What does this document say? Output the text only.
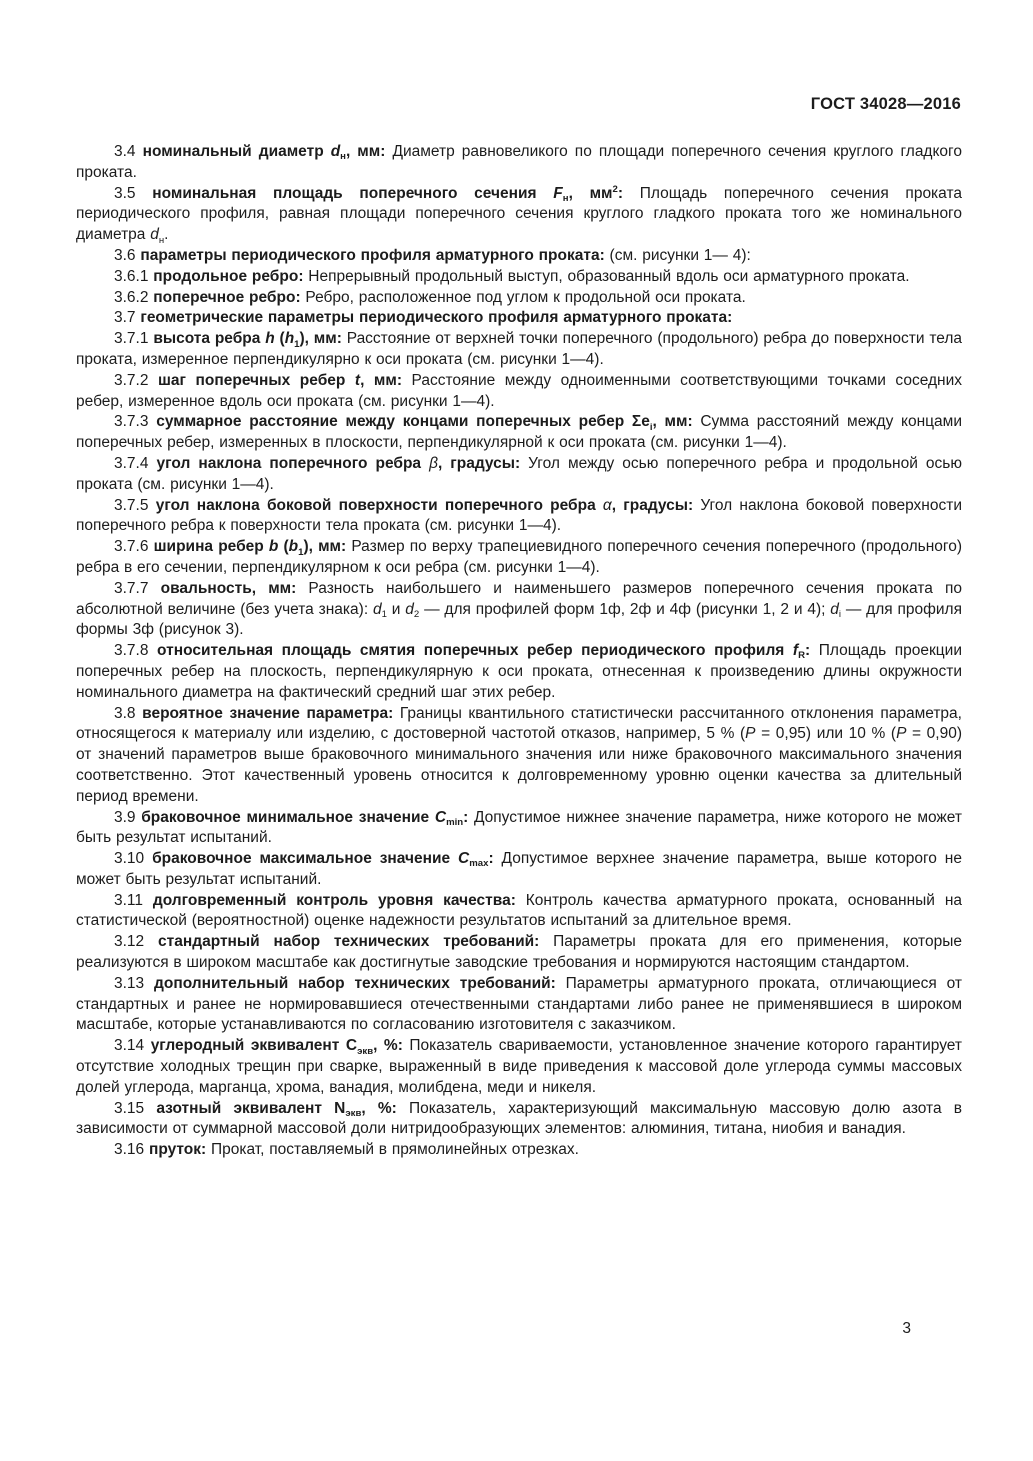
ГОСТ 34028—2016

3.4 номинальный диаметр $d_н$, мм: Диаметр равновеликого по площади поперечного сечения круглого гладкого проката.

3.5 номинальная площадь поперечного сечения $F_н$, $мм^2$: Площадь поперечного сечения проката периодического профиля, равная площади поперечного сечения круглого гладкого проката того же номинального диаметра $d_н$.

3.6 параметры периодического профиля арматурного проката: (см. рисунки 1— 4):

3.6.1 продольное ребро: Непрерывный продольный выступ, образованный вдоль оси арматурного проката.

3.6.2 поперечное ребро: Ребро, расположенное под углом к продольной оси проката.

3.7 геометрические параметры периодического профиля арматурного проката:

3.7.1 высота ребра h $(h_1)$, мм: Расстояние от верхней точки поперечного (продольного) ребра до поверхности тела проката, измеренное перпендикулярно к оси проката (см. рисунки 1—4).

3.7.2 шаг поперечных ребер t, мм: Расстояние между одноименными соответствующими точками соседних ребер, измеренное вдоль оси проката (см. рисунки 1—4).

3.7.3 суммарное расстояние между концами поперечных ребер $\Sigma e_i$, мм: Сумма расстояний между концами поперечных ребер, измеренных в плоскости, перпендикулярной к оси проката (см. рисунки 1—4).

3.7.4 угол наклона поперечного ребра β, градусы: Угол между осью поперечного ребра и продольной осью проката (см. рисунки 1—4).

3.7.5 угол наклона боковой поверхности поперечного ребра α, градусы: Угол наклона боковой поверхности поперечного ребра к поверхности тела проката (см. рисунки 1—4).

3.7.6 ширина ребер b $(b_1)$, мм: Размер по верху трапециевидного поперечного сечения поперечного (продольного) ребра в его сечении, перпендикулярном к оси ребра (см. рисунки 1—4).

3.7.7 овальность, мм: Разность наибольшего и наименьшего размеров поперечного сечения проката по абсолютной величине (без учета знака): $d_1$ и $d_2$ — для профилей форм 1ф, 2ф и 4ф (рисунки 1, 2 и 4); $d_i$ — для профиля формы 3ф (рисунок 3).

3.7.8 относительная площадь смятия поперечных ребер периодического профиля $f_R$: Площадь проекции поперечных ребер на плоскость, перпендикулярную к оси проката, отнесенная к произведению длины окружности номинального диаметра на фактический средний шаг этих ребер.

3.8 вероятное значение параметра: Границы квантильного статистически рассчитанного отклонения параметра, относящегося к материалу или изделию, с достоверной частотой отказов, например, 5 % (P = 0,95) или 10 % (P = 0,90) от значений параметров выше браковочного минимального значения или ниже браковочного максимального значения соответственно. Этот качественный уровень относится к долговременному уровню оценки качества за длительный период времени.

3.9 браковочное минимальное значение $C_{min}$: Допустимое нижнее значение параметра, ниже которого не может быть результат испытаний.

3.10 браковочное максимальное значение $C_{max}$: Допустимое верхнее значение параметра, выше которого не может быть результат испытаний.

3.11 долговременный контроль уровня качества: Контроль качества арматурного проката, основанный на статистической (вероятностной) оценке надежности результатов испытаний за длительное время.

3.12 стандартный набор технических требований: Параметры проката для его применения, которые реализуются в широком масштабе как достигнутые заводские требования и нормируются настоящим стандартом.

3.13 дополнительный набор технических требований: Параметры арматурного проката, отличающиеся от стандартных и ранее не нормировавшиеся отечественными стандартами либо ранее не применявшиеся в широком масштабе, которые устанавливаются по согласованию изготовителя с заказчиком.

3.14 углеродный эквивалент $C_{экв}$, %: Показатель свариваемости, установленное значение которого гарантирует отсутствие холодных трещин при сварке, выраженный в виде приведения к массовой доле углерода суммы массовых долей углерода, марганца, хрома, ванадия, молибдена, меди и никеля.

3.15 азотный эквивалент $N_{экв}$, %: Показатель, характеризующий максимальную массовую долю азота в зависимости от суммарной массовой доли нитридообразующих элементов: алюминия, титана, ниобия и ванадия.

3.16 пруток: Прокат, поставляемый в прямолинейных отрезках.

3
